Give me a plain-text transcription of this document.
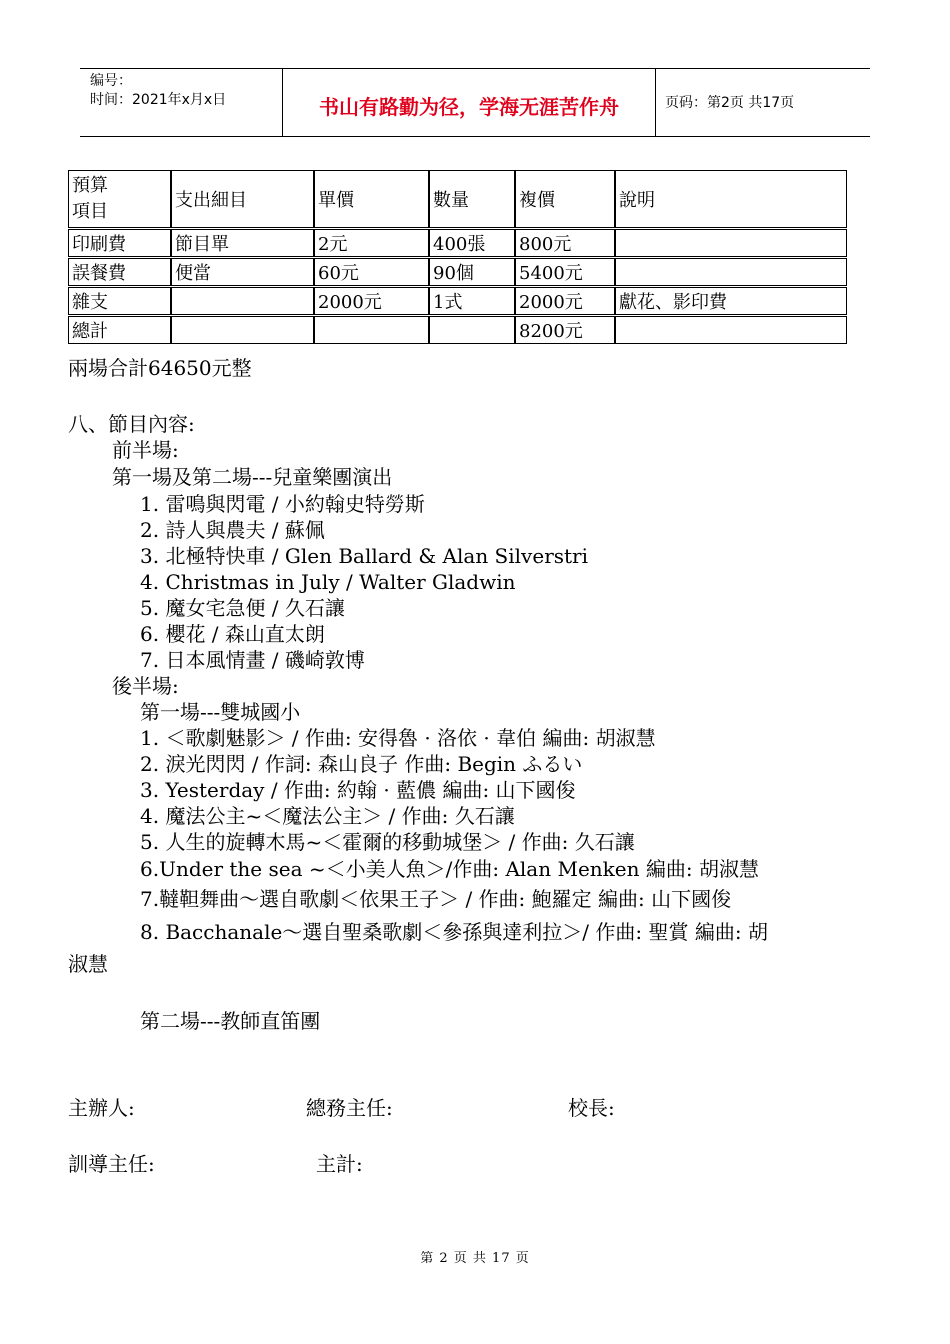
编号：
时间：2021年x月x日	书山有路勤为径，学海无涯苦作舟	页码：第2页 共17页
預算
項目	支出細目	單價	數量	複價	說明

印刷費	節目單	2元	400張	800元	

誤餐費	便當	60元	90個	5400元	

雜支		2000元	1式	2000元	獻花、影印費

總計				8200元	
兩場合計64650元整
八、節目內容:
前半場:
第一場及第二場---兒童樂團演出
1. 雷鳴與閃電 / 小約翰史特勞斯
2. 詩人與農夫 / 蘇佩
3. 北極特快車 / Glen Ballard & Alan Silverstri
4. Christmas in July / Walter Gladwin
5. 魔女宅急便 / 久石讓
6. 櫻花 / 森山直太朗
7. 日本風情畫 / 磯崎敦博
後半場:
第一場---雙城國小
1. ＜歌劇魅影＞ / 作曲: 安得魯 · 洛依 · 韋伯 編曲: 胡淑慧
2. 淚光閃閃 / 作詞: 森山良子 作曲: Begin ふるい
3. Yesterday / 作曲: 約翰 · 藍儂 編曲: 山下國俊
4. 魔法公主~＜魔法公主＞ / 作曲: 久石讓
5. 人生的旋轉木馬~＜霍爾的移動城堡＞ / 作曲: 久石讓
6.Under the sea ~＜小美人魚＞/作曲: Alan Menken 編曲: 胡淑慧
7.韃靼舞曲～選自歌劇＜依果王子＞ / 作曲: 鮑羅定 編曲: 山下國俊
8. Bacchanale～選自聖桑歌劇＜參孫與達利拉＞/ 作曲: 聖賞 編曲: 胡
淑慧
第二場---教師直笛團
主辦人:	總務主任:	校長:
訓導主任:	主計:
第 2 页 共 17 页
